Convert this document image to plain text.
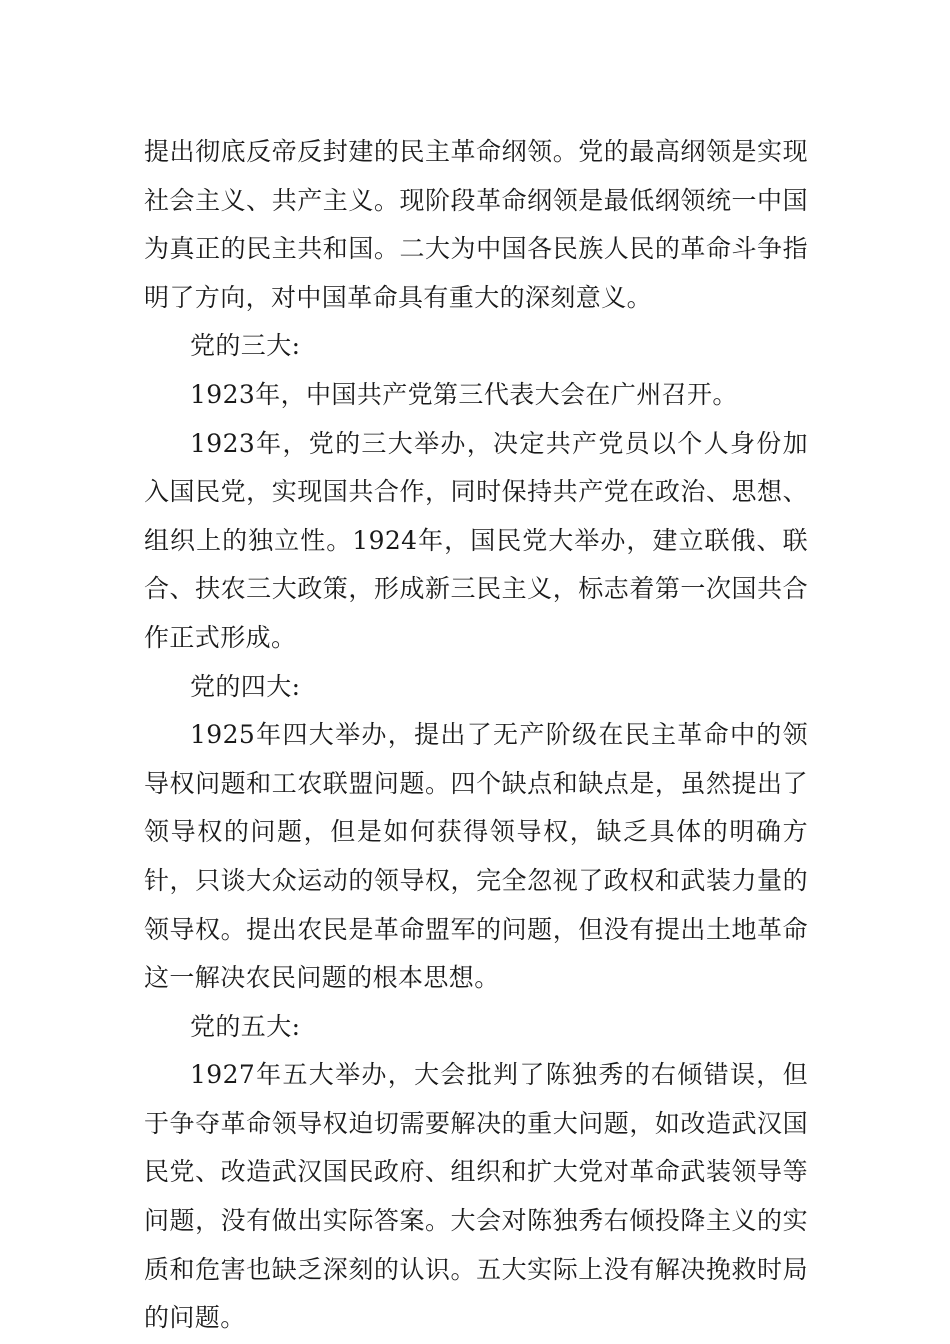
提出彻底反帝反封建的民主革命纲领。党的最高纲领是实现社会主义、共产主义。现阶段革命纲领是最低纲领统一中国为真正的民主共和国。二大为中国各民族人民的革命斗争指明了方向，对中国革命具有重大的深刻意义。

党的三大:

1923年，中国共产党第三代表大会在广州召开。

1923年，党的三大举办，决定共产党员以个人身份加入国民党，实现国共合作，同时保持共产党在政治、思想、组织上的独立性。1924年，国民党大举办，建立联俄、联合、扶农三大政策，形成新三民主义，标志着第一次国共合作正式形成。

党的四大:

1925年四大举办，提出了无产阶级在民主革命中的领导权问题和工农联盟问题。四个缺点和缺点是，虽然提出了领导权的问题，但是如何获得领导权，缺乏具体的明确方针，只谈大众运动的领导权，完全忽视了政权和武装力量的领导权。提出农民是革命盟军的问题，但没有提出土地革命这一解决农民问题的根本思想。

党的五大:

1927年五大举办，大会批判了陈独秀的右倾错误，但于争夺革命领导权迫切需要解决的重大问题，如改造武汉国民党、改造武汉国民政府、组织和扩大党对革命武装领导等问题，没有做出实际答案。大会对陈独秀右倾投降主义的实质和危害也缺乏深刻的认识。五大实际上没有解决挽救时局的问题。
